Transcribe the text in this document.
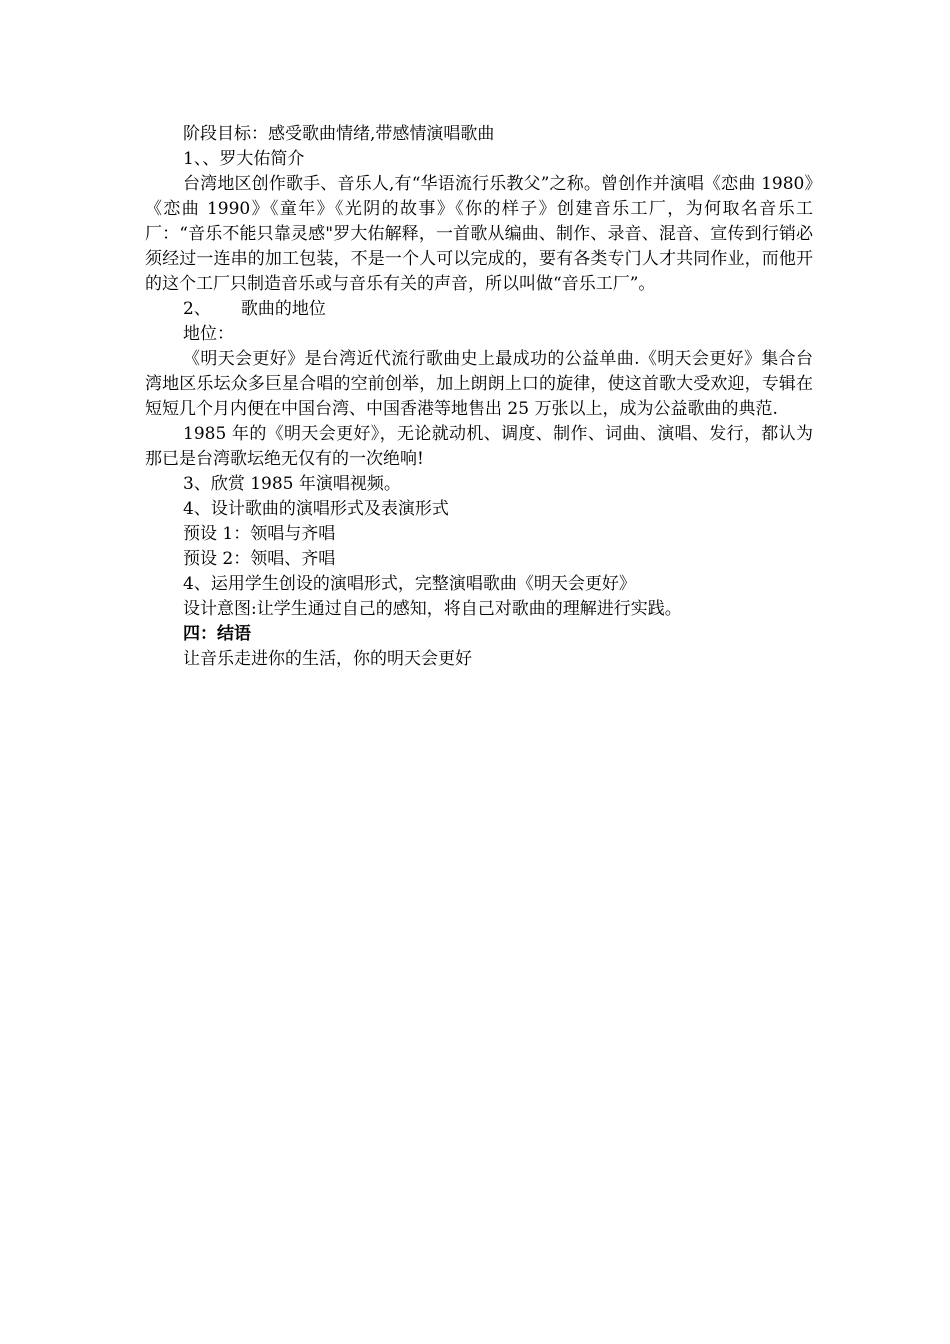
阶段目标：感受歌曲情绪,带感情演唱歌曲

1、、罗大佑简介

台湾地区创作歌手、音乐人,有“华语流行乐教父”之称。曾创作并演唱《恋曲 1980》《恋曲 1990》《童年》《光阴的故事》《你的样子》创建音乐工厂，为何取名音乐工厂：“音乐不能只靠灵感"罗大佑解释，一首歌从编曲、制作、录音、混音、宣传到行销必须经过一连串的加工包装，不是一个人可以完成的，要有各类专门人才共同作业，而他开的这个工厂只制造音乐或与音乐有关的声音，所以叫做“音乐工厂”。

2、 歌曲的地位

地位：

《明天会更好》是台湾近代流行歌曲史上最成功的公益单曲.《明天会更好》集合台湾地区乐坛众多巨星合唱的空前创举，加上朗朗上口的旋律，使这首歌大受欢迎，专辑在短短几个月内便在中国台湾、中国香港等地售出 25 万张以上，成为公益歌曲的典范.

1985 年的《明天会更好》，无论就动机、调度、制作、词曲、演唱、发行，都认为那已是台湾歌坛绝无仅有的一次绝响!

3、欣赏 1985 年演唱视频。

4、设计歌曲的演唱形式及表演形式

预设 1：领唱与齐唱

预设 2：领唱、齐唱

4、运用学生创设的演唱形式，完整演唱歌曲《明天会更好》

设计意图:让学生通过自己的感知，将自己对歌曲的理解进行实践。

四：结语

让音乐走进你的生活，你的明天会更好
